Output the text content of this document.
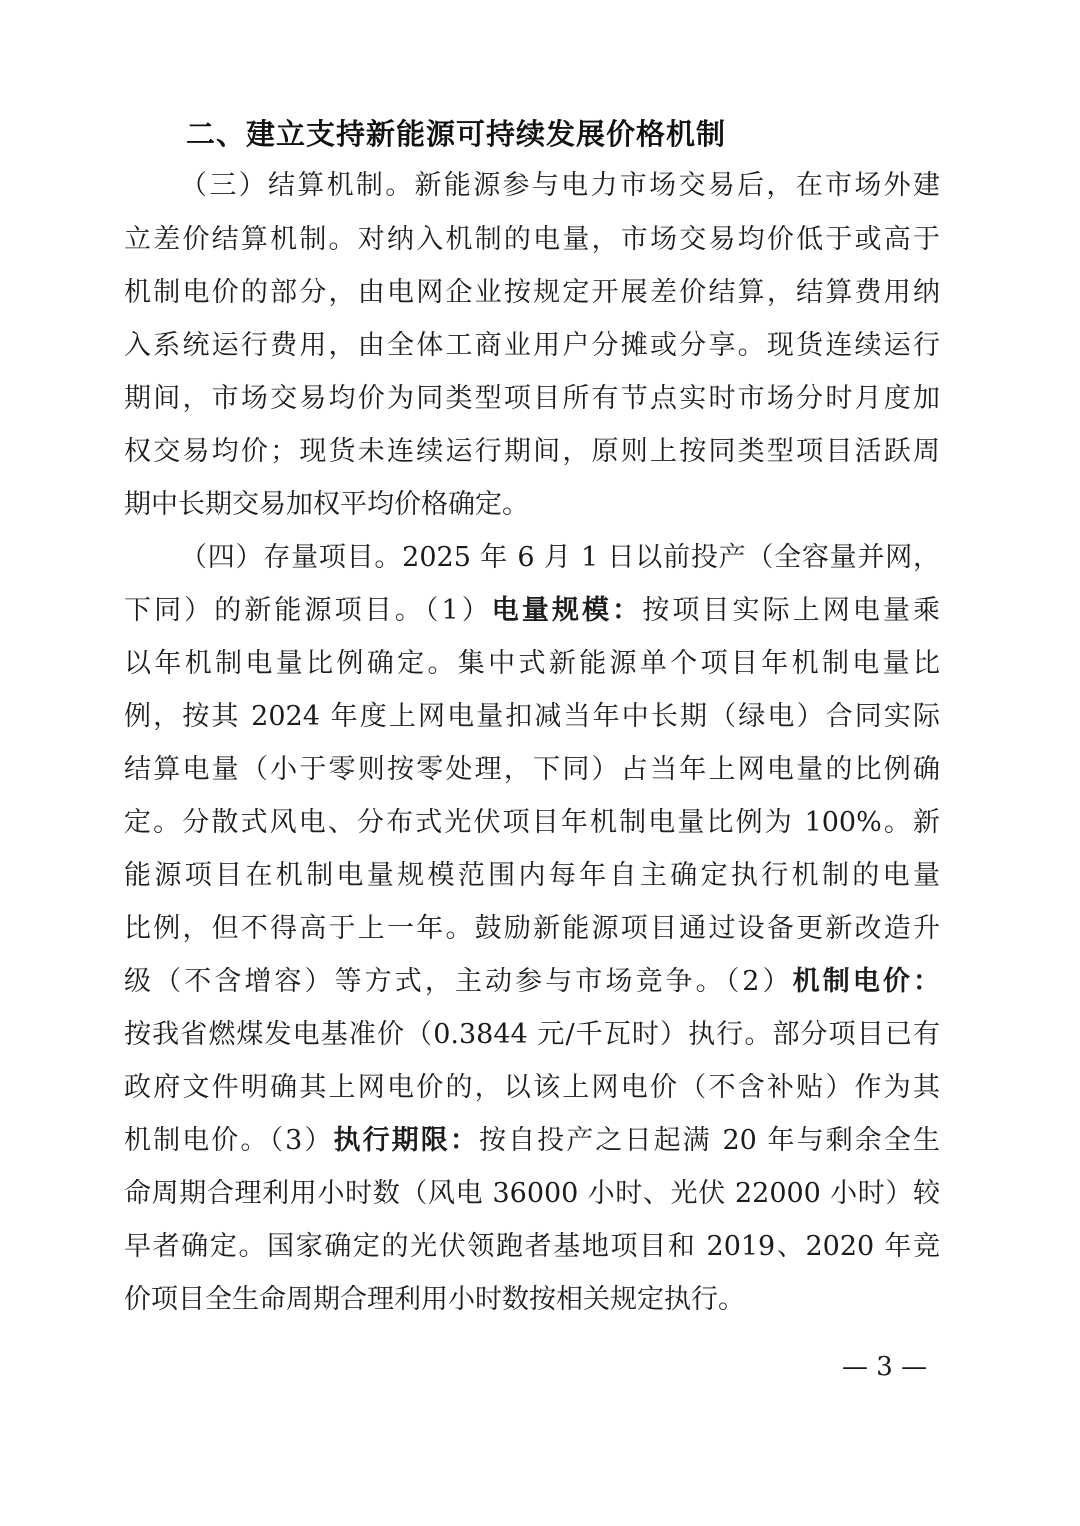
二、建立支持新能源可持续发展价格机制
（三）结算机制。新能源参与电力市场交易后，在市场外建
立差价结算机制。对纳入机制的电量，市场交易均价低于或高于
机制电价的部分，由电网企业按规定开展差价结算，结算费用纳
入系统运行费用，由全体工商业用户分摊或分享。现货连续运行
期间，市场交易均价为同类型项目所有节点实时市场分时月度加
权交易均价；现货未连续运行期间，原则上按同类型项目活跃周
期中长期交易加权平均价格确定。
（四）存量项目。2025 年 6 月 1 日以前投产（全容量并网，
下同）的新能源项目。（1）电量规模：按项目实际上网电量乘
以年机制电量比例确定。集中式新能源单个项目年机制电量比
例，按其 2024 年度上网电量扣减当年中长期（绿电）合同实际
结算电量（小于零则按零处理，下同）占当年上网电量的比例确
定。分散式风电、分布式光伏项目年机制电量比例为 100%。新
能源项目在机制电量规模范围内每年自主确定执行机制的电量
比例，但不得高于上一年。鼓励新能源项目通过设备更新改造升
级（不含增容）等方式，主动参与市场竞争。（2）机制电价：
按我省燃煤发电基准价（0.3844 元/千瓦时）执行。部分项目已有
政府文件明确其上网电价的，以该上网电价（不含补贴）作为其
机制电价。（3）执行期限：按自投产之日起满 20 年与剩余全生
命周期合理利用小时数（风电 36000 小时、光伏 22000 小时）较
早者确定。国家确定的光伏领跑者基地项目和 2019、2020 年竞
价项目全生命周期合理利用小时数按相关规定执行。
— 3 —
